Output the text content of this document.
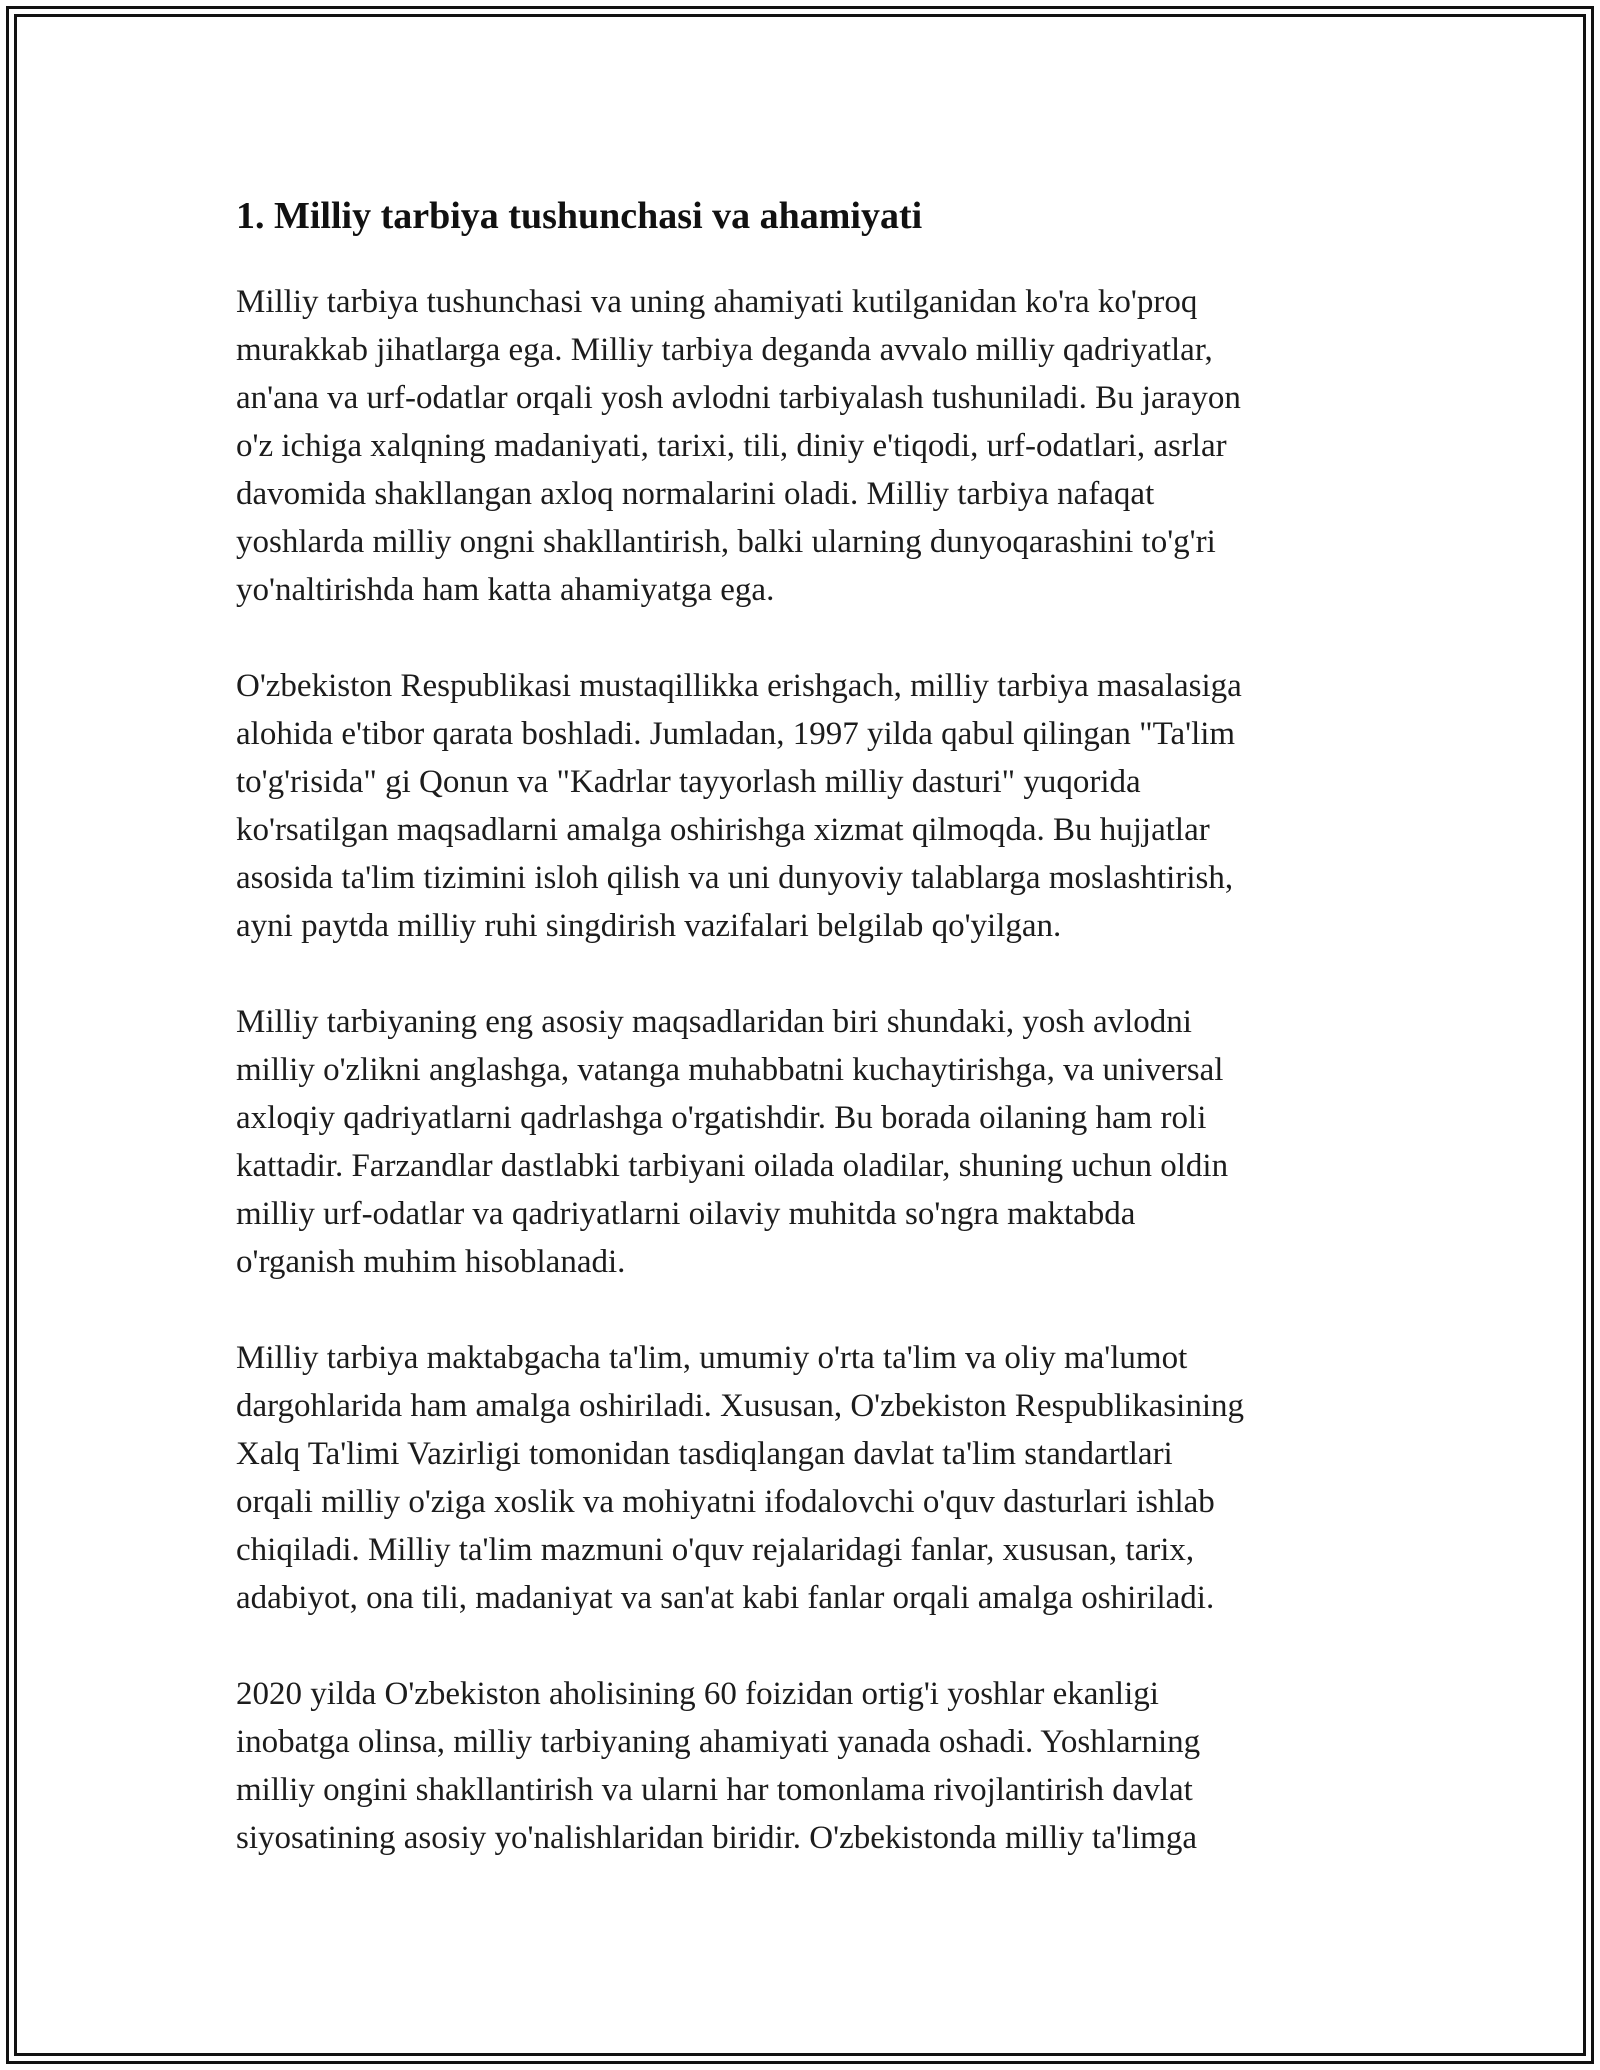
1. Milliy tarbiya tushunchasi va ahamiyati

Milliy tarbiya tushunchasi va uning ahamiyati kutilganidan ko'ra ko'proq
murakkab jihatlarga ega. Milliy tarbiya deganda avvalo milliy qadriyatlar,
an'ana va urf-odatlar orqali yosh avlodni tarbiyalash tushuniladi. Bu jarayon
o'z ichiga xalqning madaniyati, tarixi, tili, diniy e'tiqodi, urf-odatlari, asrlar
davomida shakllangan axloq normalarini oladi. Milliy tarbiya nafaqat
yoshlarda milliy ongni shakllantirish, balki ularning dunyoqarashini to'g'ri
yo'naltirishda ham katta ahamiyatga ega.

O'zbekiston Respublikasi mustaqillikka erishgach, milliy tarbiya masalasiga
alohida e'tibor qarata boshladi. Jumladan, 1997 yilda qabul qilingan "Ta'lim
to'g'risida" gi Qonun va "Kadrlar tayyorlash milliy dasturi" yuqorida
ko'rsatilgan maqsadlarni amalga oshirishga xizmat qilmoqda. Bu hujjatlar
asosida ta'lim tizimini isloh qilish va uni dunyoviy talablarga moslashtirish,
ayni paytda milliy ruhi singdirish vazifalari belgilab qo'yilgan.

Milliy tarbiyaning eng asosiy maqsadlaridan biri shundaki, yosh avlodni
milliy o'zlikni anglashga, vatanga muhabbatni kuchaytirishga, va universal
axloqiy qadriyatlarni qadrlashga o'rgatishdir. Bu borada oilaning ham roli
kattadir. Farzandlar dastlabki tarbiyani oilada oladilar, shuning uchun oldin
milliy urf-odatlar va qadriyatlarni oilaviy muhitda so'ngra maktabda
o'rganish muhim hisoblanadi.

Milliy tarbiya maktabgacha ta'lim, umumiy o'rta ta'lim va oliy ma'lumot
dargohlarida ham amalga oshiriladi. Xususan, O'zbekiston Respublikasining
Xalq Ta'limi Vazirligi tomonidan tasdiqlangan davlat ta'lim standartlari
orqali milliy o'ziga xoslik va mohiyatni ifodalovchi o'quv dasturlari ishlab
chiqiladi. Milliy ta'lim mazmuni o'quv rejalaridagi fanlar, xususan, tarix,
adabiyot, ona tili, madaniyat va san'at kabi fanlar orqali amalga oshiriladi.

2020 yilda O'zbekiston aholisining 60 foizidan ortig'i yoshlar ekanligi
inobatga olinsa, milliy tarbiyaning ahamiyati yanada oshadi. Yoshlarning
milliy ongini shakllantirish va ularni har tomonlama rivojlantirish davlat
siyosatining asosiy yo'nalishlaridan biridir. O'zbekistonda milliy ta'limga
